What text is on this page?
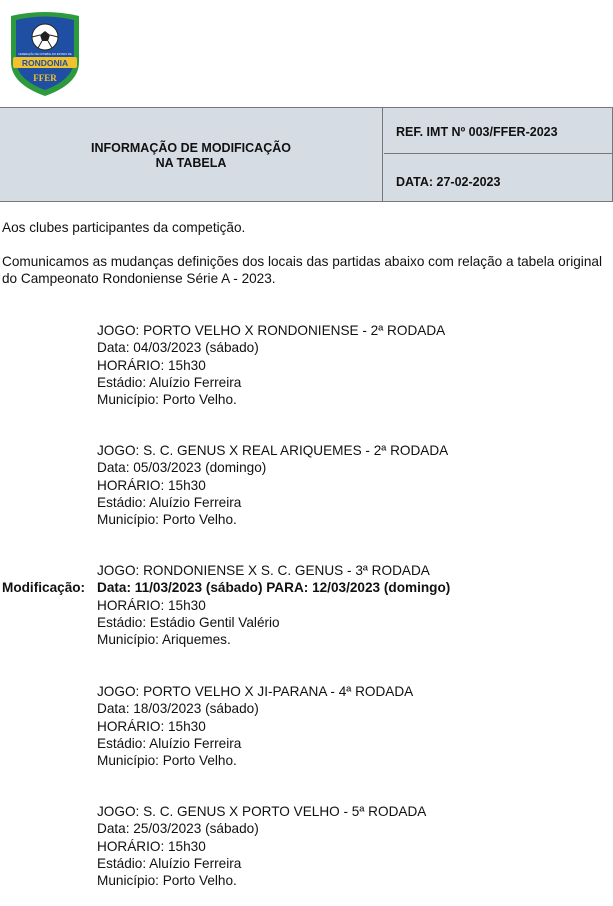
RONDONIA
FEDERAÇÃO DE FUTEBOL DO ESTADO DE
FFER
INFORMAÇÃO DE MODIFICAÇÃO
NA TABELA
REF. IMT Nº 003/FFER-2023
DATA: 27-02-2023
Aos clubes participantes da competição.
Comunicamos as mudanças definições dos locais das partidas abaixo com relação a tabela original do Campeonato Rondoniense Série A - 2023.
JOGO: PORTO VELHO X RONDONIENSE - 2ª RODADA
Data: 04/03/2023 (sábado)
HORÁRIO: 15h30
Estádio: Aluízio Ferreira
Município: Porto Velho.
JOGO: S. C. GENUS X REAL ARIQUEMES - 2ª RODADA
Data: 05/03/2023 (domingo)
HORÁRIO: 15h30
Estádio: Aluízio Ferreira
Município: Porto Velho.
Modificação:
JOGO: RONDONIENSE X S. C. GENUS - 3ª RODADA
Data: 11/03/2023 (sábado) PARA: 12/03/2023 (domingo)
HORÁRIO: 15h30
Estádio: Estádio Gentil Valério
Município: Ariquemes.
JOGO: PORTO VELHO X JI-PARANA - 4ª RODADA
Data: 18/03/2023 (sábado)
HORÁRIO: 15h30
Estádio: Aluízio Ferreira
Município: Porto Velho.
JOGO: S. C. GENUS X PORTO VELHO - 5ª RODADA
Data: 25/03/2023 (sábado)
HORÁRIO: 15h30
Estádio: Aluízio Ferreira
Município: Porto Velho.
